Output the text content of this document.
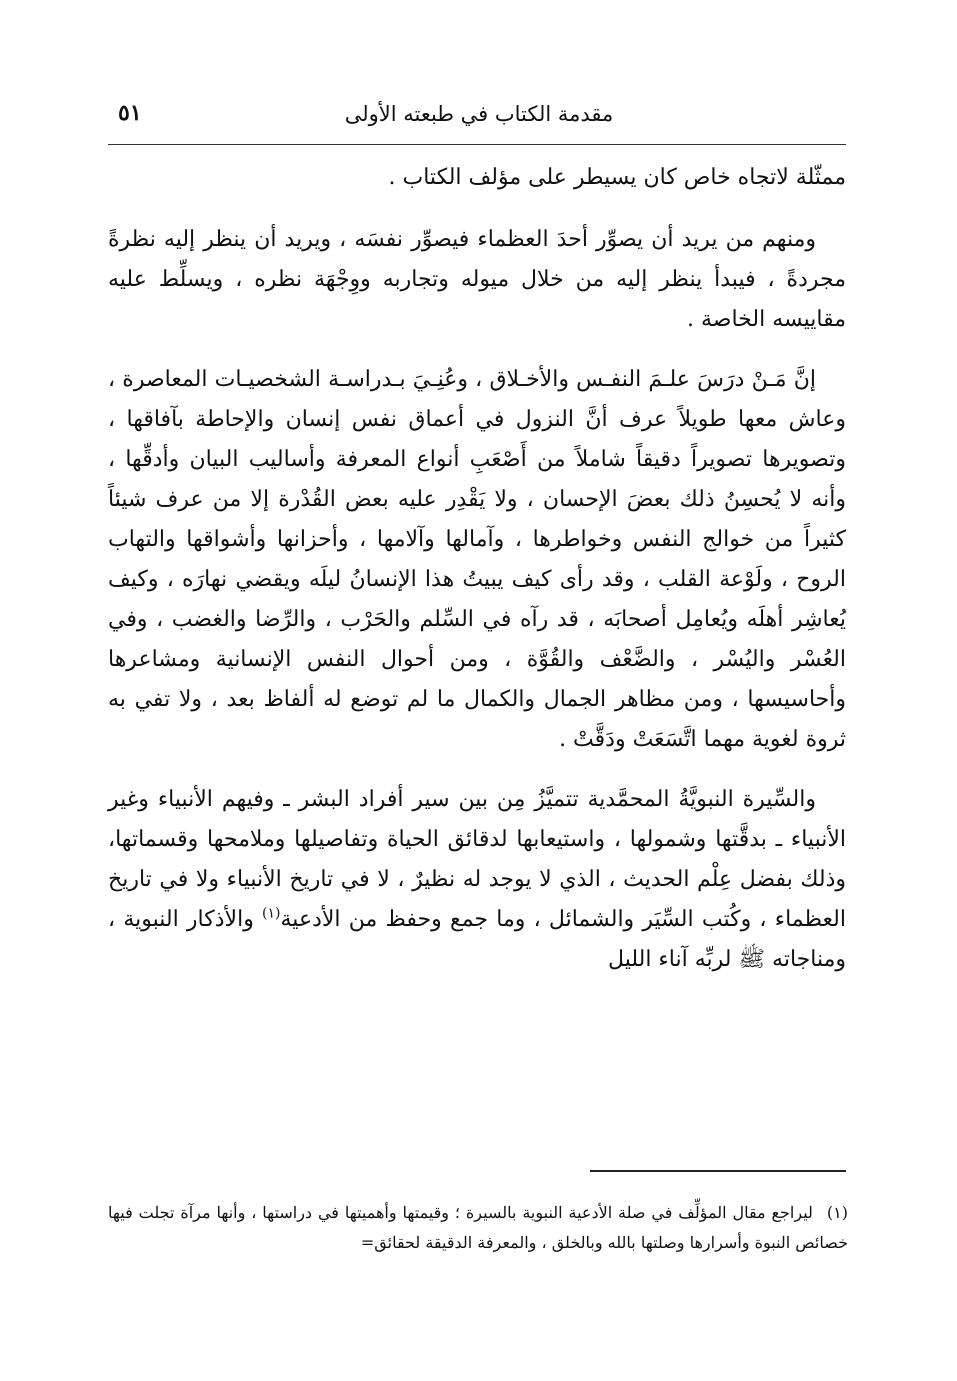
مقدمة الكتاب في طبعته الأولى
٥١

ممثّلة لاتجاه خاص كان يسيطر على مؤلف الكتاب .

ومنهم من يريد أن يصوِّر أحدَ العظماء فيصوِّر نفسَه ، ويريد أن ينظر إليه نظرةً مجردةً ، فيبدأ ينظر إليه من خلال ميوله وتجاربه ووِجْهَة نظره ، ويسلِّط عليه مقاييسه الخاصة .

إنَّ مَـنْ درَسَ علـمَ النفـس والأخـلاق ، وعُنِـيَ بـدراسـة الشخصيـات المعاصرة ، وعاش معها طويلاً عرف أنَّ النزول في أعماق نفس إنسان والإحاطة بآفاقها ، وتصويرها تصويراً دقيقاً شاملاً من أَصْعَبِ أنواع المعرفة وأساليب البيان وأدقِّها ، وأنه لا يُحسِنُ ذلك بعضَ الإحسان ، ولا يَقْدِر عليه بعض القُدْرة إلا من عرف شيئاً كثيراً من خوالج النفس وخواطرها ، وآمالها وآلامها ، وأحزانها وأشواقها والتهاب الروح ، ولَوْعة القلب ، وقد رأى كيف يبيتُ هذا الإنسانُ ليلَه ويقضي نهارَه ، وكيف يُعاشِر أهلَه ويُعامِل أصحابَه ، قد رآه في السِّلم والحَرْب ، والرِّضا والغضب ، وفي العُسْر واليُسْر ، والضَّعْف والقُوَّة ، ومن أحوال النفس الإنسانية ومشاعرها وأحاسيسها ، ومن مظاهر الجمال والكمال ما لم توضع له ألفاظ بعد ، ولا تفي به ثروة لغوية مهما اتَّسَعَتْ ودَقَّتْ .

والسِّيرة النبويَّةُ المحمَّدية تتميَّزُ مِن بين سير أفراد البشر ـ وفيهم الأنبياء وغير الأنبياء ـ بدقَّتها وشمولها ، واستيعابها لدقائق الحياة وتفاصيلها وملامحها وقسماتها، وذلك بفضل عِلْم الحديث ، الذي لا يوجد له نظيرٌ ، لا في تاريخ الأنبياء ولا في تاريخ العظماء ، وكُتب السِّيَر والشمائل ، وما جمع وحفظ من الأدعية$^{(١)}$ والأذكار النبوية ، ومناجاته ﷺ لربِّه آناء الليل

(١)ليراجع مقال المؤلِّف في صلة الأدعية النبوية بالسيرة ؛ وقيمتها وأهميتها في دراستها ، وأنها مرآة تجلت فيها خصائص النبوة وأسرارها وصلتها بالله وبالخلق ، والمعرفة الدقيقة لحقائق=
